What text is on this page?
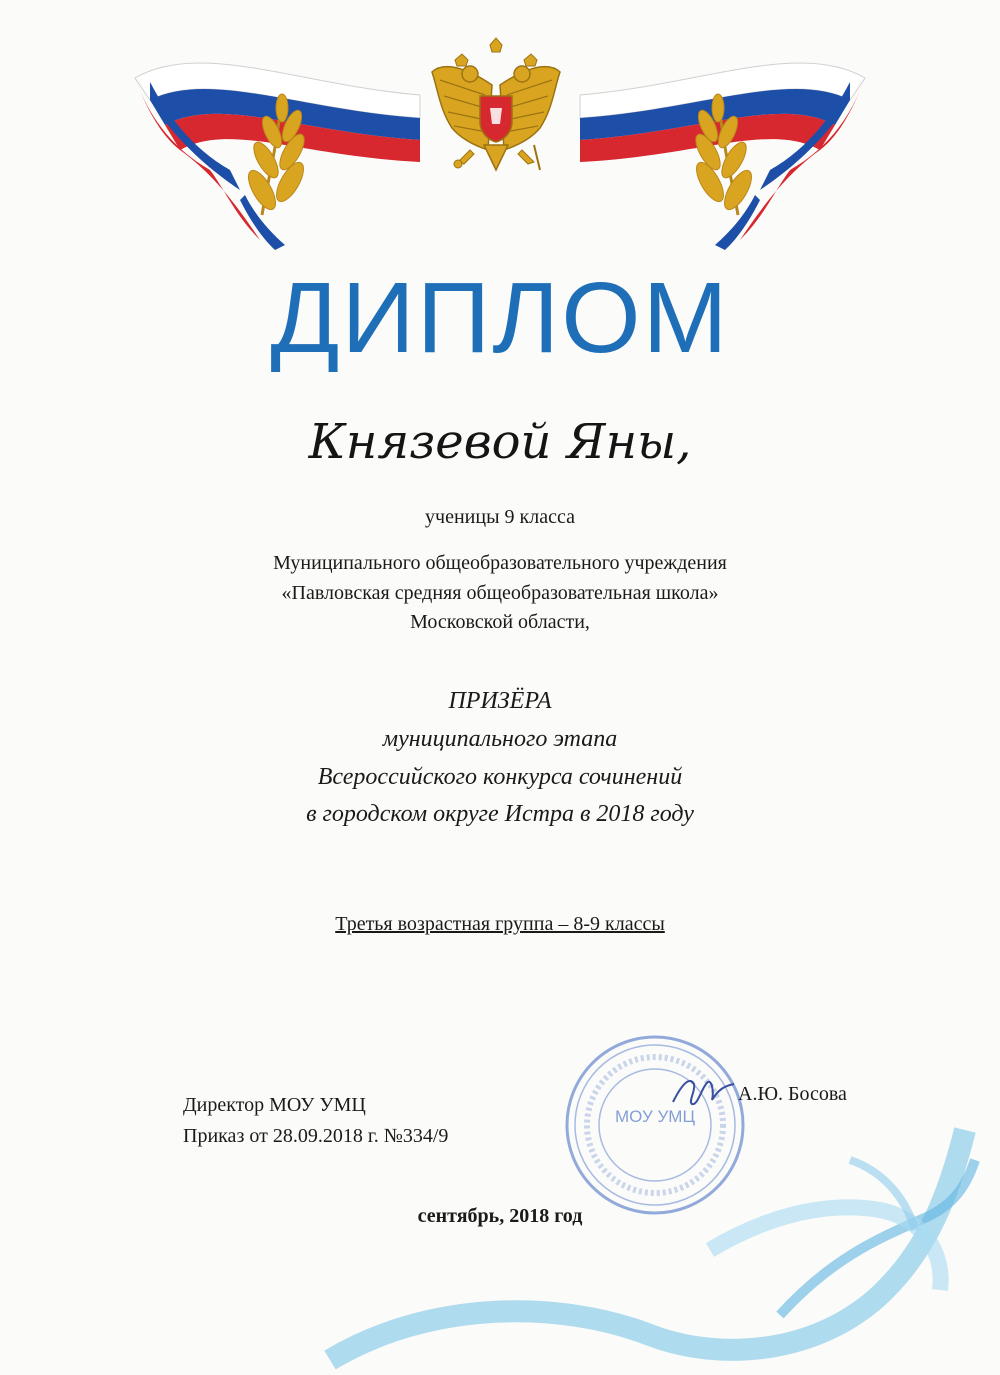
ДИПЛОМ
Князевой Яны,
ученицы 9 класса
Муниципального общеобразовательного учреждения
«Павловская средняя общеобразовательная школа»
Московской области,
ПРИЗЁРА
муниципального этапа
Всероссийского конкурса сочинений
в городском округе Истра в 2018 году
Третья возрастная группа – 8-9 классы
МОУ УМЦ
Директор МОУ УМЦ
Приказ от 28.09.2018 г. №334/9
А.Ю. Босова
сентябрь, 2018 год
